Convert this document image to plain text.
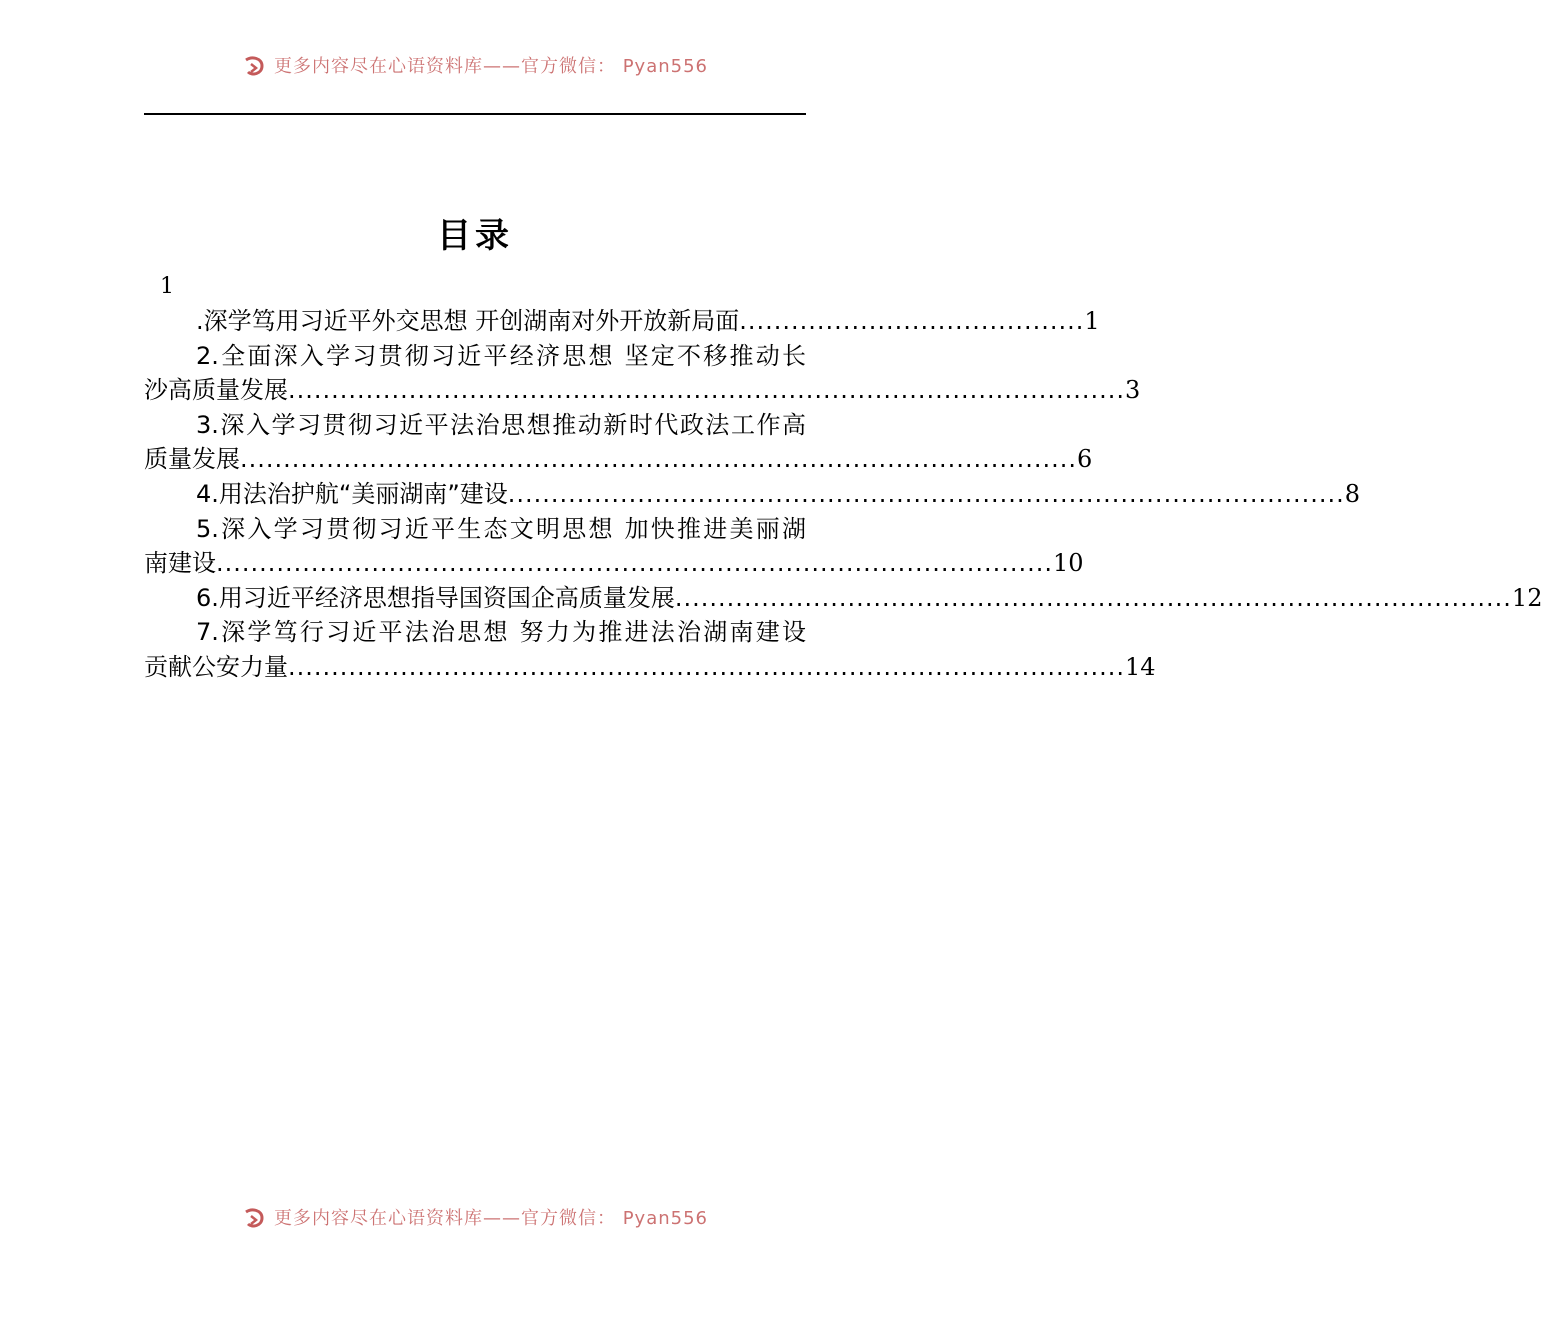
更多内容尽在心语资料库——官方微信： Pyan556
目录
1
.深学笃用习近平外交思想 开创湖南对外开放新局面 ........................................ 1
2.全面深入学习贯彻习近平经济思想 坚定不移推动长
沙高质量发展 ................................................................................................. 3
3.深入学习贯彻习近平法治思想推动新时代政法工作高
质量发展 ................................................................................................. 6
4.用法治护航“美丽湖南”建设 ................................................................................................. 8
5.深入学习贯彻习近平生态文明思想 加快推进美丽湖
南建设 ................................................................................................. 10
6.用习近平经济思想指导国资国企高质量发展 ................................................................................................. 12
7.深学笃行习近平法治思想 努力为推进法治湖南建设
贡献公安力量 ................................................................................................. 14
更多内容尽在心语资料库——官方微信： Pyan556
